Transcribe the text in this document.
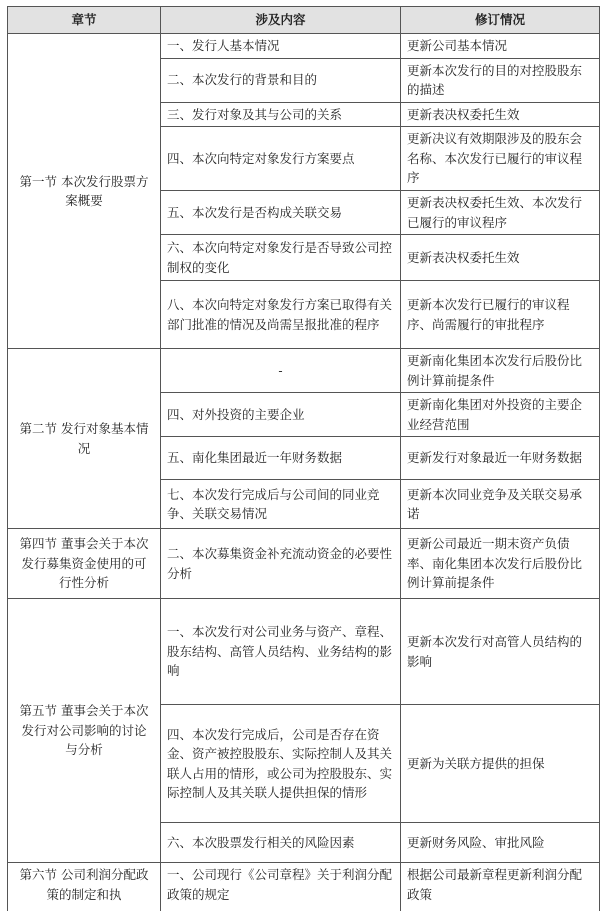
章节	涉及内容	修订情况
第一节 本次发行股票方案概要	一、发行人基本情况	更新公司基本情况
	二、本次发行的背景和目的	更新本次发行的目的对控股股东的描述
	三、发行对象及其与公司的关系	更新表决权委托生效
	四、本次向特定对象发行方案要点	更新决议有效期限涉及的股东会名称、本次发行已履行的审议程序
	五、本次发行是否构成关联交易	更新表决权委托生效、本次发行已履行的审议程序
	六、本次向特定对象发行是否导致公司控制权的变化	更新表决权委托生效
	八、本次向特定对象发行方案已取得有关部门批准的情况及尚需呈报批准的程序	更新本次发行已履行的审议程序、尚需履行的审批程序
第二节 发行对象基本情况	-	更新南化集团本次发行后股份比例计算前提条件
	四、对外投资的主要企业	更新南化集团对外投资的主要企业经营范围
	五、南化集团最近一年财务数据	更新发行对象最近一年财务数据
	七、本次发行完成后与公司间的同业竞争、关联交易情况	更新本次同业竞争及关联交易承诺
第四节 董事会关于本次发行募集资金使用的可行性分析	二、本次募集资金补充流动资金的必要性分析	更新公司最近一期末资产负债率、南化集团本次发行后股份比例计算前提条件
第五节 董事会关于本次发行对公司影响的讨论与分析	一、本次发行对公司业务与资产、章程、股东结构、高管人员结构、业务结构的影响	更新本次发行对高管人员结构的影响
	四、本次发行完成后，公司是否存在资金、资产被控股股东、实际控制人及其关联人占用的情形，或公司为控股股东、实际控制人及其关联人提供担保的情形	更新为关联方提供的担保
	六、本次股票发行相关的风险因素	更新财务风险、审批风险
第六节 公司利润分配政策的制定和执	一、公司现行《公司章程》关于利润分配政策的规定	根据公司最新章程更新利润分配政策
